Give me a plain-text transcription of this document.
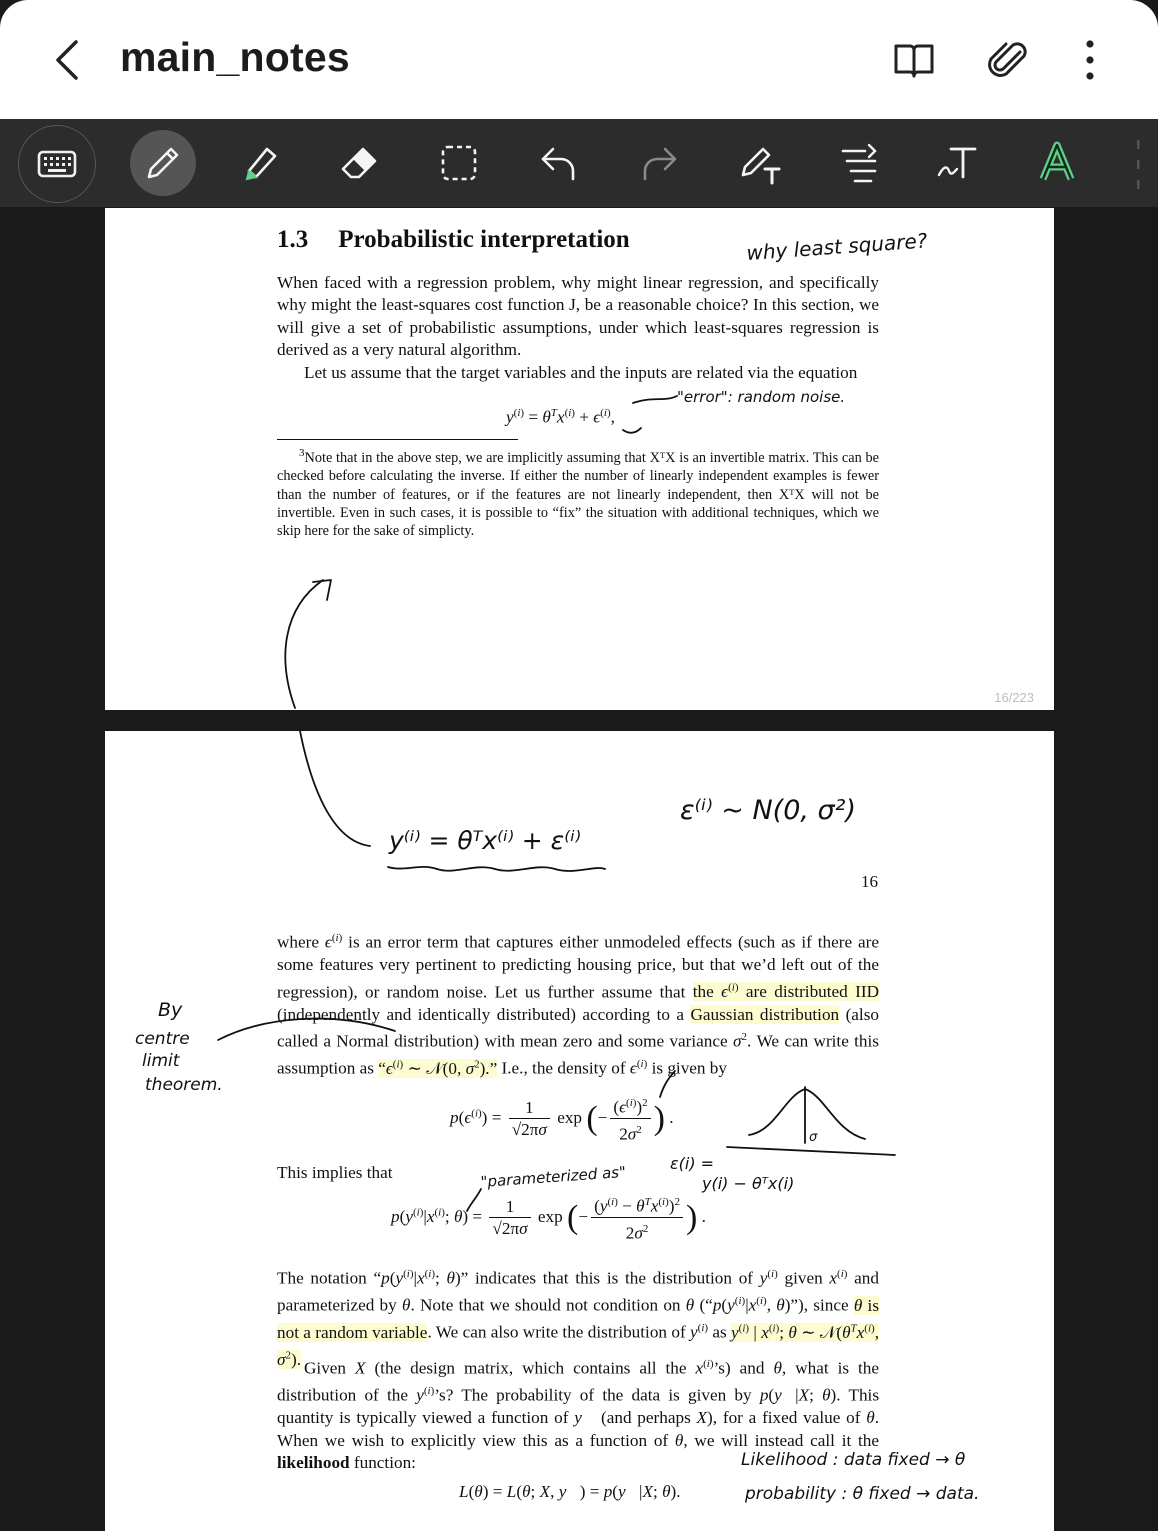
main_notes
1.3 Probabilistic interpretation
When faced with a regression problem, why might linear regression, and specifically why might the least-squares cost function J, be a reasonable choice? In this section, we will give a set of probabilistic assumptions, under which least-squares regression is derived as a very natural algorithm.
Let us assume that the target variables and the inputs are related via the equation
$y^{(i)} = \theta^Tx^{(i)} + \epsilon^{(i)}$,
$^3$Note that in the above step, we are implicitly assuming that XᵀX is an invertible matrix. This can be checked before calculating the inverse. If either the number of linearly independent examples is fewer than the number of features, or if the features are not linearly independent, then XᵀX will not be invertible. Even in such cases, it is possible to “fix” the situation with additional techniques, which we skip here for the sake of simplicty.
16/223
why least square?
"error": random noise.
16
where $\epsilon^{(i)}$ is an error term that captures either unmodeled effects (such as if there are some features very pertinent to predicting housing price, but that we’d left out of the regression), or random noise. Let us further assume that the $\epsilon^{(i)}$ are distributed IID (independently and identically distributed) according to a Gaussian distribution (also called a Normal distribution) with mean zero and some variance $\sigma^2$. We can write this assumption as “$\epsilon^{(i)}$ ∼ 𝒩(0, $\sigma^2$).” I.e., the density of $\epsilon^{(i)}$ is given by
$p(\epsilon^{(i)}) = \frac{1}{√2\pi\sigma}$ exp (− $\frac{(\epsilon^{(i)})^2}{2\sigma^2}$ ) .
This implies that
$p(y^{(i)}|x^{(i)}$; $\theta) = \frac{1}{√2\pi\sigma}$ exp (− $\frac{(y^{(i)} - \theta^Tx^{(i)})^2}{2\sigma^2}$ ) .
The notation “$p(y^{(i)}|x^{(i)}$; θ)” indicates that this is the distribution of $y^{(i)}$ given $x^{(i)}$ and parameterized by θ. Note that we should not condition on θ (“$p(y^{(i)}|x^{(i)}$, θ)”), since θ is not a random variable. We can also write the distribution of $y^{(i)}$ as $y^{(i)}$ | $x^{(i)}$; θ ∼ $𝒩(\theta^Tx^{(i)}$, $\sigma^2$). Given X (the design matrix, which contains all the $x^{(i)}’s$) and θ, what is the distribution of the $y^{(i)}’s$? The probability of the data is given by p(y⃗|X; θ). This quantity is typically viewed a function of y⃗ (and perhaps X), for a fixed value of θ. When we wish to explicitly view this as a function of θ, we will instead call it the likelihood function:
L(θ) = L(θ; X, y⃗) = p(y⃗|X; θ).
y⁽ⁱ⁾ = θᵀx⁽ⁱ⁾ + ε⁽ⁱ⁾
ε⁽ⁱ⁾ ~ N(0, σ²)
σ
ε(i) =
y(i) − θᵀx(i)
"parameterized as"
Likelihood : data fixed → θ
probability : θ fixed → data.
By
centre
limit
theorem.
